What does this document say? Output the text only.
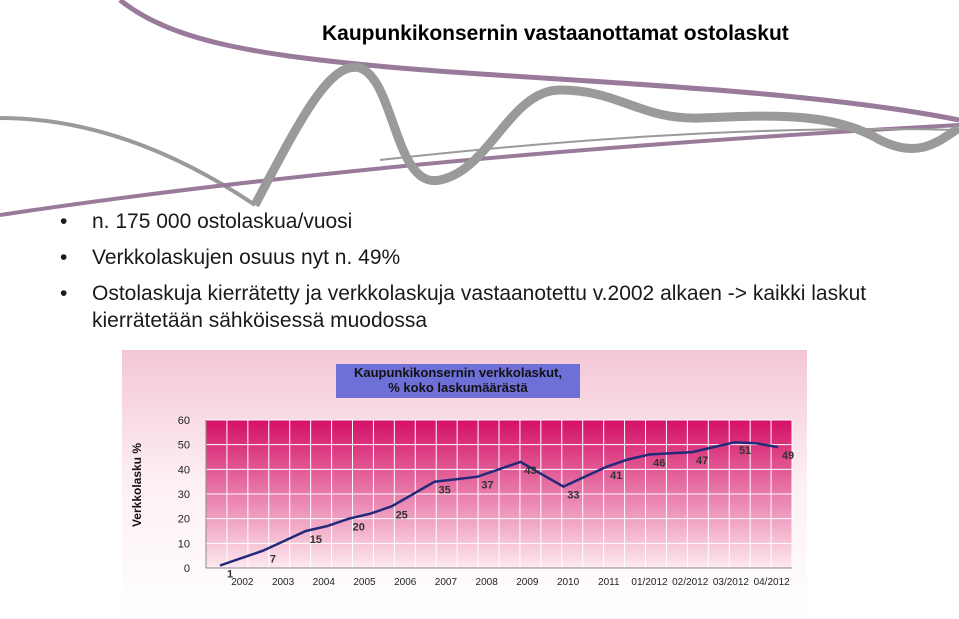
Kaupunkikonsernin vastaanottamat ostolaskut
• n. 175 000 ostolaskua/vuosi
• Verkkolaskujen osuus nyt n. 49%
• Ostolaskuja kierrätetty ja verkkolaskuja vastaanotettu v.2002 alkaen -> kaikki laskut kierrätetään sähköisessä muodossa
Kaupunkikonsernin verkkolaskut,
% koko laskumäärästä
Verkkolasku %
0
10
20
30
40
50
60
2002 2003 2004 2005 2006 2007 2008 2009 2010 2011 01/2012 02/2012 03/2012 04/2012
1
7
15
20
25
35	37
43
33
41
46	47
51	49
